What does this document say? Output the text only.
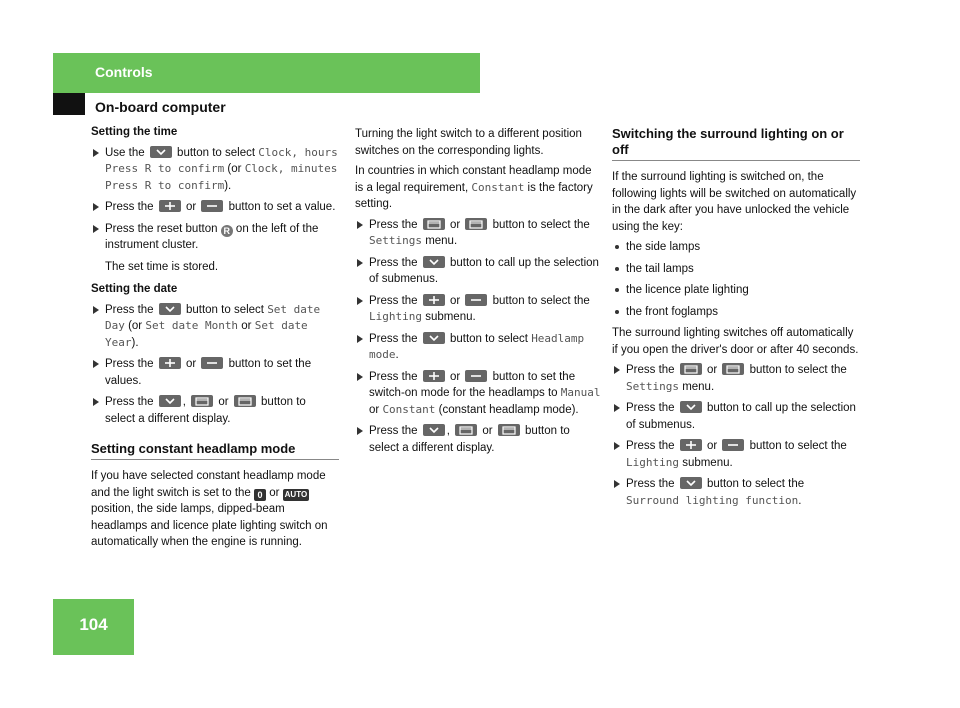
Controls
On-board computer
104
Setting the time
Use the	button to select Clock, hours Press R to confirm (or Clock, minutes Press R to confirm).
Press the	or	button to set a value.
Press the reset button R on the left of the instrument cluster.
The set time is stored.
Setting the date
Press the	button to select Set date Day (or Set date Month or Set date Year).
Press the	or	button to set the values.
Press the	,	or	button to select a different display.
Setting constant headlamp mode
If you have selected constant headlamp mode and the light switch is set to the 0 or AUTO position, the side lamps, dipped-beam headlamps and licence plate lighting switch on automatically when the engine is running.
Turning the light switch to a different position switches on the corresponding lights.
In countries in which constant headlamp mode is a legal requirement, Constant is the factory setting.
Press the	or	button to select the Settings menu.
Press the	button to call up the selection of submenus.
Press the	or	button to select the Lighting submenu.
Press the	button to select Headlamp mode.
Press the	or	button to set the switch-on mode for the headlamps to Manual or Constant (constant headlamp mode).
Press the	,	or	button to select a different display.
Switching the surround lighting on or off
If the surround lighting is switched on, the following lights will be switched on automatically in the dark after you have unlocked the vehicle using the key:
the side lamps
the tail lamps
the licence plate lighting
the front foglamps
The surround lighting switches off automatically if you open the driver's door or after 40 seconds.
Press the	or	button to select the Settings menu.
Press the	button to call up the selection of submenus.
Press the	or	button to select the Lighting submenu.
Press the	button to select the Surround lighting function.
